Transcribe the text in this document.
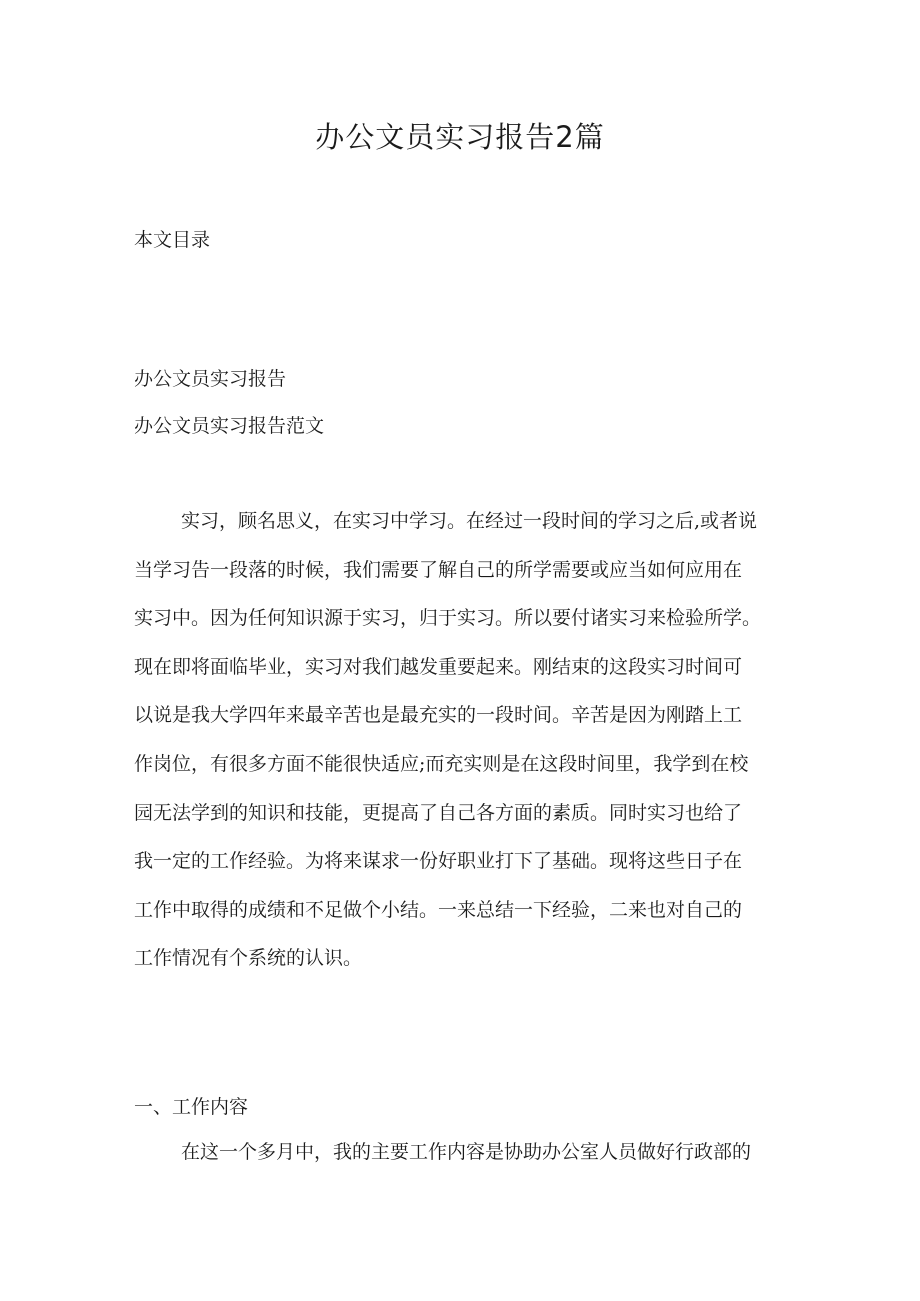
办公文员实习报告2篇
本文目录
办公文员实习报告
办公文员实习报告范文
实习，顾名思义，在实习中学习。在经过一段时间的学习之后,或者说
当学习告一段落的时候，我们需要了解自己的所学需要或应当如何应用在
实习中。因为任何知识源于实习，归于实习。所以要付诸实习来检验所学。
现在即将面临毕业，实习对我们越发重要起来。刚结束的这段实习时间可
以说是我大学四年来最辛苦也是最充实的一段时间。辛苦是因为刚踏上工
作岗位，有很多方面不能很快适应;而充实则是在这段时间里，我学到在校
园无法学到的知识和技能，更提高了自己各方面的素质。同时实习也给了
我一定的工作经验。为将来谋求一份好职业打下了基础。现将这些日子在
工作中取得的成绩和不足做个小结。一来总结一下经验，二来也对自己的
工作情况有个系统的认识。
一、工作内容
在这一个多月中，我的主要工作内容是协助办公室人员做好行政部的
